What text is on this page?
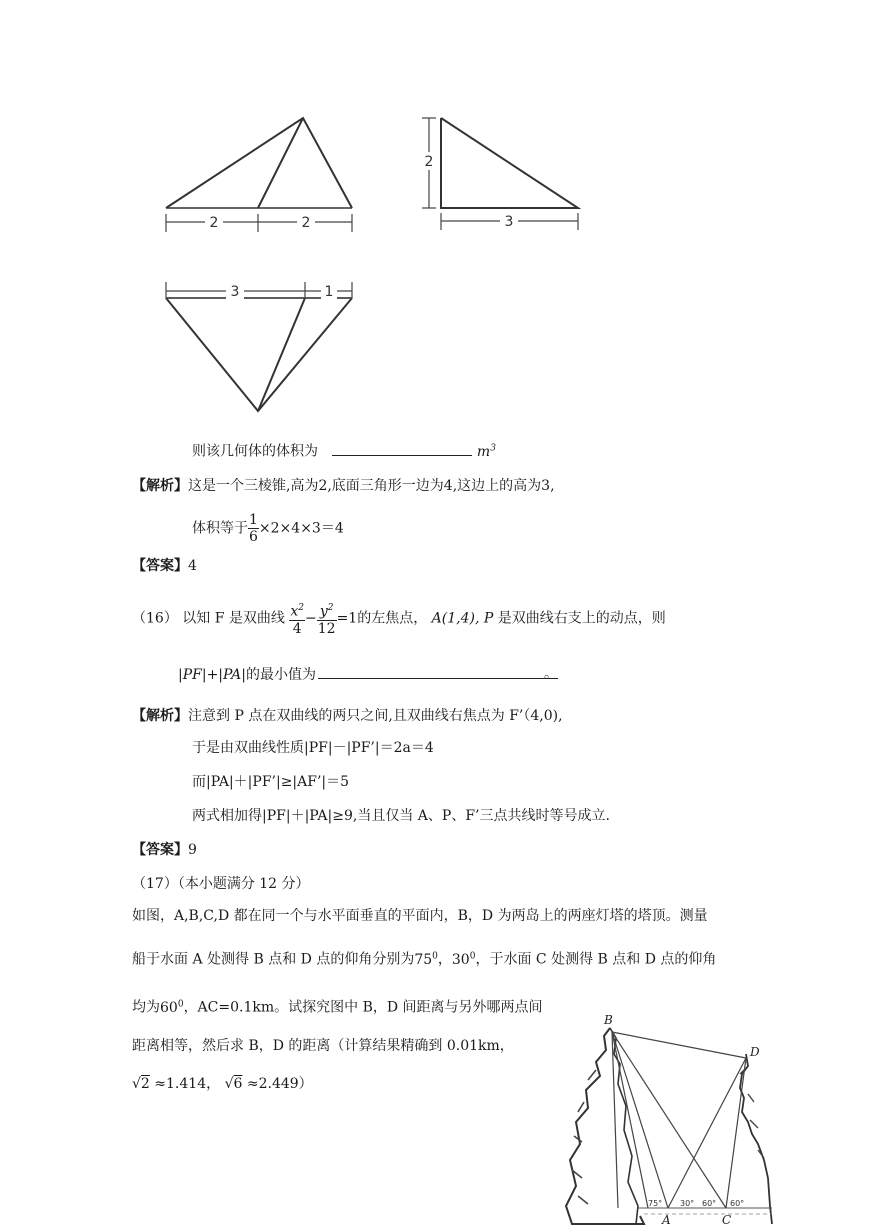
2	2
2
3
3	1
则该几何体的体积为	$m^3$
【解析】这是一个三棱锥,高为2,底面三角形一边为4,这边上的高为3,
体积等于 $\frac{1}{6} \times 2\times 4\times 3=4$
【答案】4
（16） 以知 F 是双曲线 $\frac{x^2}{4} - \frac{y^2}{12} =1$的左焦点， A(1,4), P 是双曲线右支上的动点，则
|PF|+|PA|的最小值为	。
【解析】注意到 P 点在双曲线的两只之间,且双曲线右焦点为 F’（4,0),
于是由双曲线性质|PF|－|PF’|＝2a＝4
而|PA|＋|PF’|≥|AF’|＝5
两式相加得|PF|＋|PA|≥9,当且仅当 A、P、F’三点共线时等号成立.
【答案】9
（17）（本小题满分 12 分）
如图，A,B,C,D 都在同一个与水平面垂直的平面内，B，D 为两岛上的两座灯塔的塔顶。测量
船于水面 A 处测得 B 点和 D 点的仰角分别为$75^0$，$30^0$，于水面 C 处测得 B 点和 D 点的仰角
均为$60^0$，AC=0.1km。试探究图中 B，D 间距离与另外哪两点间
距离相等，然后求 B，D 的距离（计算结果精确到 0.01km，
√2 ≈1.414， √6 ≈2.449）
B
D
A	C
75° 30° 60° 60°
